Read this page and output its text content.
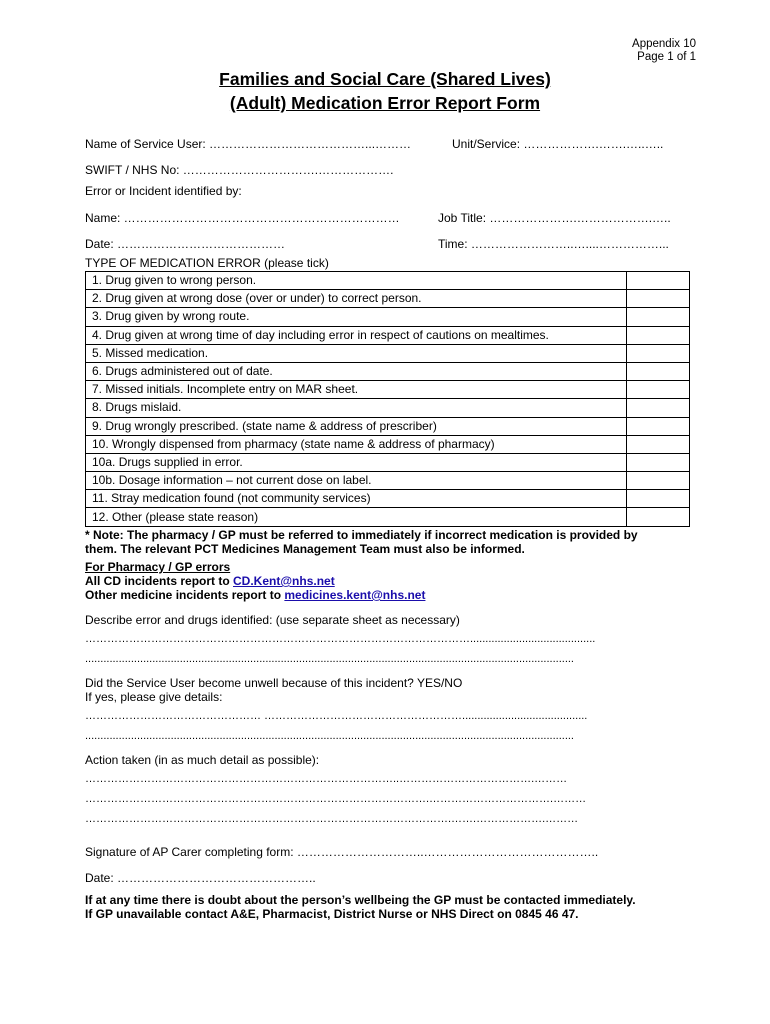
Appendix 10
Page 1 of 1
Families and Social Care (Shared Lives)
(Adult) Medication Error Report Form
Name of Service User: …………………………………...………	Unit/Service: ……………….…….…..…..
SWIFT / NHS No: …………………………….……………….
Error or Incident identified by:
Name: ……………………………………………………………	Job Title: ………………….……………….…..
Date: ……………………………………	Time: ……………………..…....……………...
TYPE OF MEDICATION ERROR (please tick)
1. Drug given to wrong person.	
2. Drug given at wrong dose (over or under) to correct person.	
3. Drug given by wrong route.	
4. Drug given at wrong time of day including error in respect of cautions on mealtimes.	
5. Missed medication.	
6. Drugs administered out of date.	
7. Missed initials. Incomplete entry on MAR sheet.	
8. Drugs mislaid.	
9. Drug wrongly prescribed. (state name & address of prescriber)	
10. Wrongly dispensed from pharmacy (state name & address of pharmacy)	
10a. Drugs supplied in error.	
10b. Dosage information – not current dose on label.	
11. Stray medication found (not community services)	
12. Other (please state reason)	
* Note: The pharmacy / GP must be referred to immediately if incorrect medication is provided by
them. The relevant PCT Medicines Management Team must also be informed.
For Pharmacy / GP errors
All CD incidents report to CD.Kent@nhs.net
Other medicine incidents report to medicines.kent@nhs.net
Describe error and drugs identified: (use separate sheet as necessary)
…………………………………………………………………………………………….........................................
................................................................................................................................................................
Did the Service User become unwell because of this incident? YES/NO
If yes, please give details:
………………………………………… ……………………………………………….........................................
................................................................................................................................................................
Action taken (in as much detail as possible):
…………………………………………………………………………..……………………………….………
………………………………………………………………………………….…………………………….………
……………………………………………………………………………………….…….……………….………
Signature of AP Carer completing form: …………………………..……………………………………..
Date: …………………………………………..
If at any time there is doubt about the person’s wellbeing the GP must be contacted immediately.
If GP unavailable contact A&E, Pharmacist, District Nurse or NHS Direct on 0845 46 47.
